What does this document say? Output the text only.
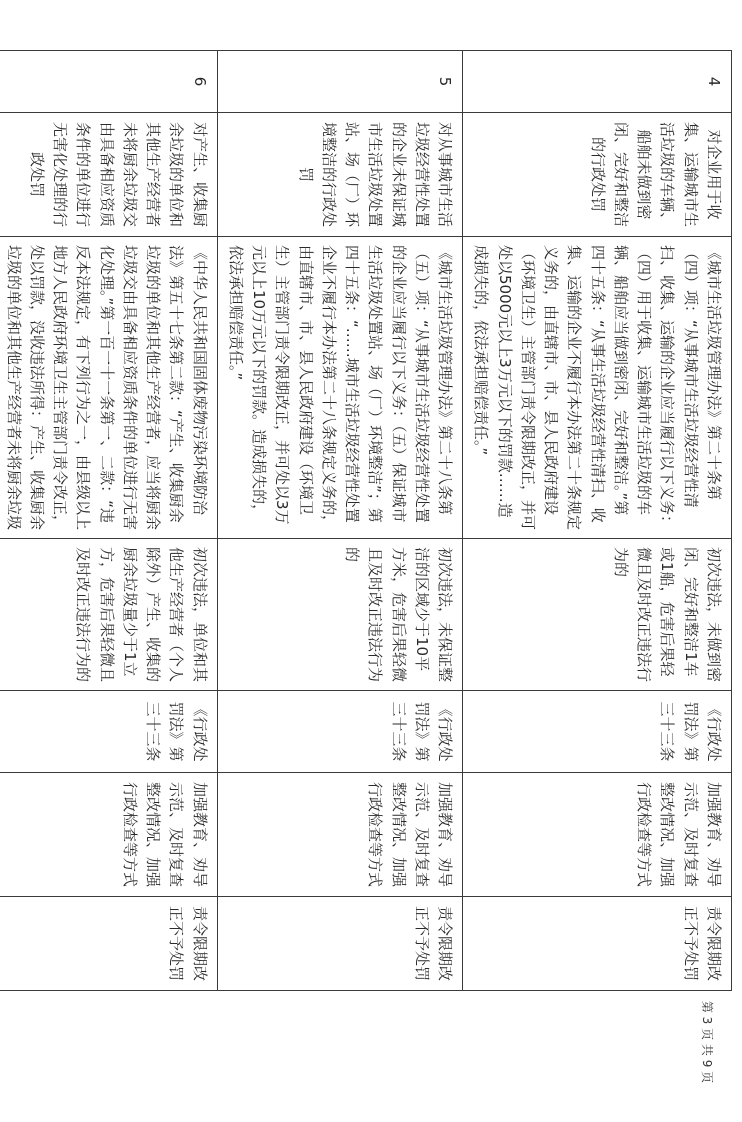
4	对企业用于收集、运输城市生活垃圾的车辆、船舶未做到密闭、完好和整洁的行政处罚	《城市生活垃圾管理办法》第二十条第（四）项：“从事城市生活垃圾经营性清扫、收集、运输的企业应当履行以下义务：（四）用于收集、运输城市生活垃圾的车辆、船舶应当做到密闭、完好和整洁。”第四十五条：“从事生活垃圾经营性清扫、收集、运输的企业不履行本办法第二十条规定义务的，由直辖市、市、县人民政府建设（环境卫生）主管部门责令限期改正，并可处以5000元以上3万元以下的罚款……造成损失的，依法承担赔偿责任。”	初次违法，未做到密闭、完好和整洁1车或1船，危害后果轻微且及时改正违法行为的	《行政处罚法》第三十三条	加强教育、劝导示范、及时复查整改情况、加强行政检查等方式	责令限期改正不予处罚
5	对从事城市生活垃圾经营性处置的企业未保证城市生活垃圾处置站、场（厂）环境整洁的行政处罚	《城市生活垃圾管理办法》第二十八条第（五）项：“从事城市生活垃圾经营性处置的企业应当履行以下义务：（五）保证城市生活垃圾处置站、场（厂）环境整洁”；第四十五条：“……城市生活垃圾经营性处置企业不履行本办法第二十八条规定义务的，由直辖市、市、县人民政府建设（环境卫生）主管部门责令限期改正，并可处以3万元以上10万元以下的罚款。造成损失的，依法承担赔偿责任。”	初次违法，未保证整洁的区域少于10平方米，危害后果轻微且及时改正违法行为的	《行政处罚法》第三十三条	加强教育、劝导示范、及时复查整改情况、加强行政检查等方式	责令限期改正不予处罚
6	对产生、收集厨余垃圾的单位和其他生产经营者未将厨余垃圾交由具备相应资质条件的单位进行无害化处理的行政处罚	《中华人民共和国固体废物污染环境防治法》第五十七条第二款：“产生、收集厨余垃圾的单位和其他生产经营者，应当将厨余垃圾交由具备相应资质条件的单位进行无害化处理。”第一百一十一条第一、二款：“违反本法规定，有下列行为之一，由县级以上地方人民政府环境卫生主管部门责令改正，处以罚款，没收违法所得：产生、收集厨余垃圾的单位和其他生产经营者未将厨余垃圾	初次违法，单位和其他生产经营者（个人除外）产生、收集的厨余垃圾量少于1立方，危害后果轻微且及时改正违法行为的	《行政处罚法》第三十三条	加强教育、劝导示范、及时复查整改情况、加强行政检查等方式	责令限期改正不予处罚
第 3 页 共 9 页
